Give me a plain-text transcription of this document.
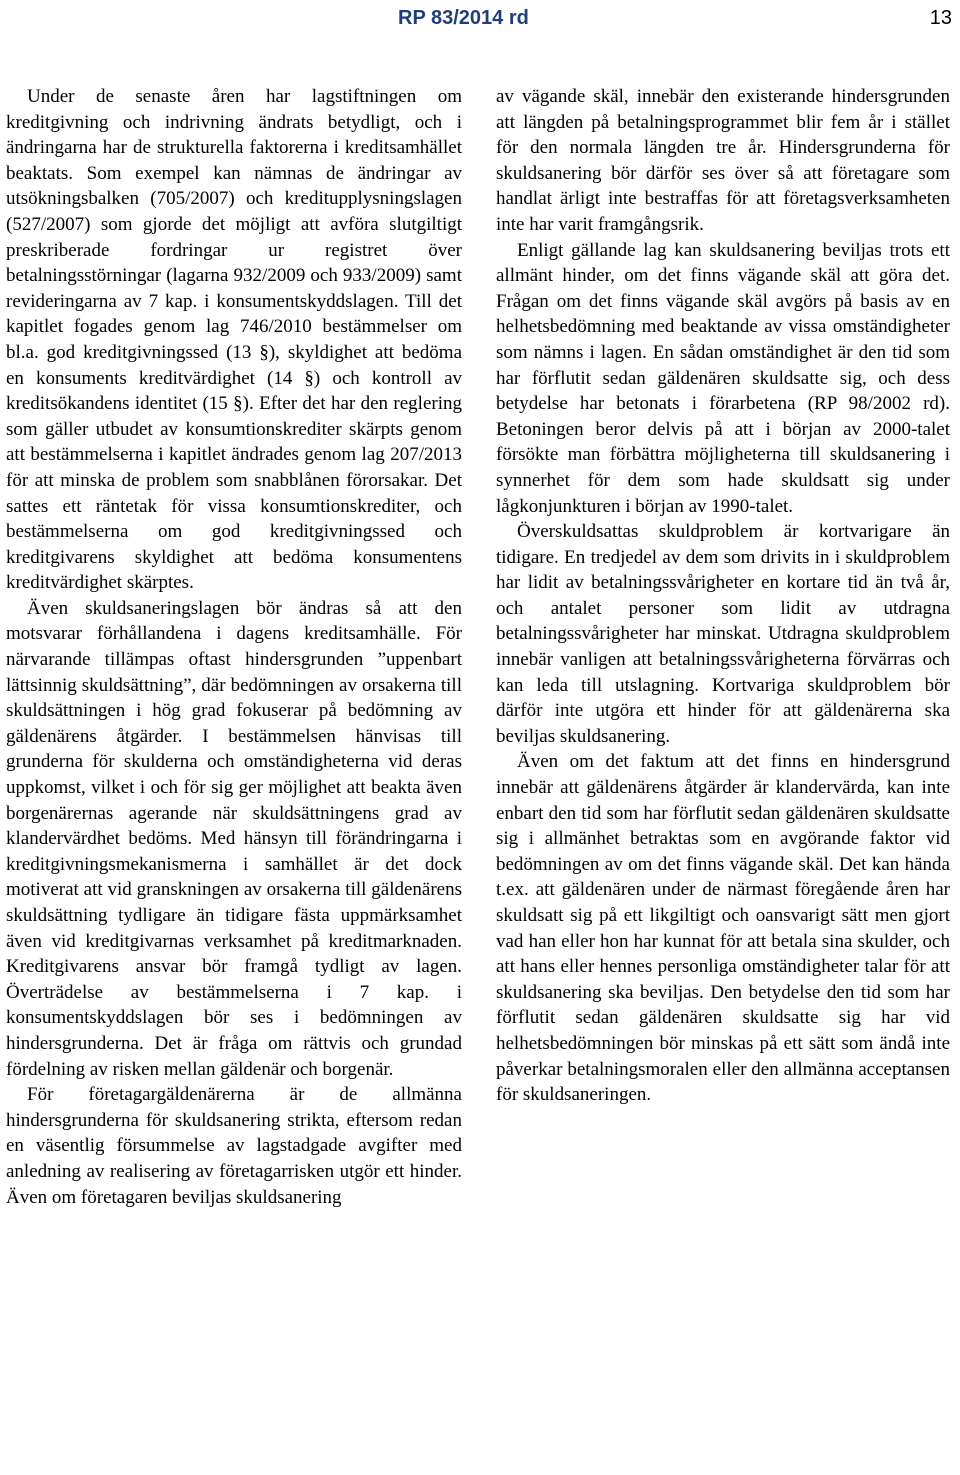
RP 83/2014 rd	13

Under de senaste åren har lagstiftningen om kreditgivning och indrivning ändrats betydligt, och i ändringarna har de strukturella faktorerna i kreditsamhället beaktats. Som exempel kan nämnas de ändringar av utsökningsbalken (705/2007) och kreditupplysningslagen (527/2007) som gjorde det möjligt att avföra slutgiltigt preskriberade fordringar ur registret över betalningsstörningar (lagarna 932/2009 och 933/2009) samt revideringarna av 7 kap. i konsumentskyddslagen. Till det kapitlet fogades genom lag 746/2010 bestämmelser om bl.a. god kreditgivningssed (13 §), skyldighet att bedöma en konsuments kreditvärdighet (14 §) och kontroll av kreditsökandens identitet (15 §). Efter det har den reglering som gäller utbudet av konsumtionskrediter skärpts genom att bestämmelserna i kapitlet ändrades genom lag 207/2013 för att minska de problem som snabblånen förorsakar. Det sattes ett räntetak för vissa konsumtionskrediter, och bestämmelserna om god kreditgivningssed och kreditgivarens skyldighet att bedöma konsumentens kreditvärdighet skärptes.

Även skuldsaneringslagen bör ändras så att den motsvarar förhållandena i dagens kreditsamhälle. För närvarande tillämpas oftast hindersgrunden ”uppenbart lättsinnig skuldsättning”, där bedömningen av orsakerna till skuldsättningen i hög grad fokuserar på bedömning av gäldenärens åtgärder. I bestämmelsen hänvisas till grunderna för skulderna och omständigheterna vid deras uppkomst, vilket i och för sig ger möjlighet att beakta även borgenärernas agerande när skuldsättningens grad av klandervärdhet bedöms. Med hänsyn till förändringarna i kreditgivningsmekanismerna i samhället är det dock motiverat att vid granskningen av orsakerna till gäldenärens skuldsättning tydligare än tidigare fästa uppmärksamhet även vid kreditgivarnas verksamhet på kreditmarknaden. Kreditgivarens ansvar bör framgå tydligt av lagen. Överträdelse av bestämmelserna i 7 kap. i konsumentskyddslagen bör ses i bedömningen av hindersgrunderna. Det är fråga om rättvis och grundad fördelning av risken mellan gäldenär och borgenär.

För företagargäldenärerna är de allmänna hindersgrunderna för skuldsanering strikta, eftersom redan en väsentlig försummelse av lagstadgade avgifter med anledning av realisering av företagarrisken utgör ett hinder. Även om företagaren beviljas skuldsanering

av vägande skäl, innebär den existerande hindersgrunden att längden på betalningsprogrammet blir fem år i stället för den normala längden tre år. Hindersgrunderna för skuldsanering bör därför ses över så att företagare som handlat ärligt inte bestraffas för att företagsverksamheten inte har varit framgångsrik.

Enligt gällande lag kan skuldsanering beviljas trots ett allmänt hinder, om det finns vägande skäl att göra det. Frågan om det finns vägande skäl avgörs på basis av en helhetsbedömning med beaktande av vissa omständigheter som nämns i lagen. En sådan omständighet är den tid som har förflutit sedan gäldenären skuldsatte sig, och dess betydelse har betonats i förarbetena (RP 98/2002 rd). Betoningen beror delvis på att i början av 2000-talet försökte man förbättra möjligheterna till skuldsanering i synnerhet för dem som hade skuldsatt sig under lågkonjunkturen i början av 1990-talet.

Överskuldsattas skuldproblem är kortvarigare än tidigare. En tredjedel av dem som drivits in i skuldproblem har lidit av betalningssvårigheter en kortare tid än två år, och antalet personer som lidit av utdragna betalningssvårigheter har minskat. Utdragna skuldproblem innebär vanligen att betalningssvårigheterna förvärras och kan leda till utslagning. Kortvariga skuldproblem bör därför inte utgöra ett hinder för att gäldenärerna ska beviljas skuldsanering.

Även om det faktum att det finns en hindersgrund innebär att gäldenärens åtgärder är klandervärda, kan inte enbart den tid som har förflutit sedan gäldenären skuldsatte sig i allmänhet betraktas som en avgörande faktor vid bedömningen av om det finns vägande skäl. Det kan hända t.ex. att gäldenären under de närmast föregående åren har skuldsatt sig på ett likgiltigt och oansvarigt sätt men gjort vad han eller hon har kunnat för att betala sina skulder, och att hans eller hennes personliga omständigheter talar för att skuldsanering ska beviljas. Den betydelse den tid som har förflutit sedan gäldenären skuldsatte sig har vid helhetsbedömningen bör minskas på ett sätt som ändå inte påverkar betalningsmoralen eller den allmänna acceptansen för skuldsaneringen.
